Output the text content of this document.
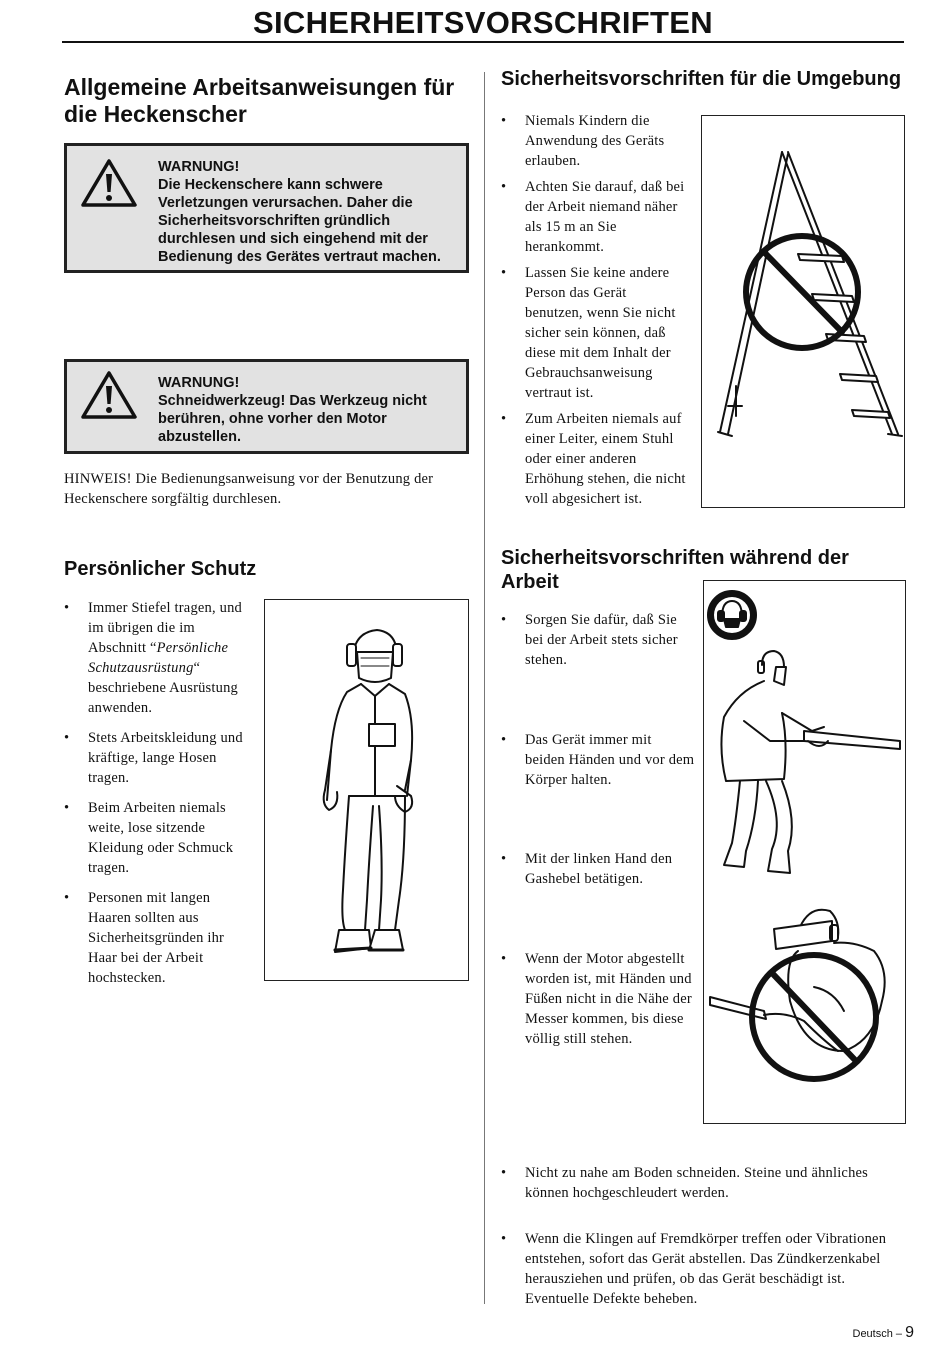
SICHERHEITSVORSCHRIFTEN
Allgemeine Arbeitsanweisungen für die Heckenscher
WARNUNG!
Die Heckenschere kann schwere Verletzungen verursachen. Daher die Sicherheitsvorschriften gründlich durchlesen und sich eingehend mit der Bedienung des Gerätes vertraut machen.
WARNUNG!
Schneidwerkzeug! Das Werkzeug nicht berühren, ohne vorher den Motor abzustellen.
HINWEIS! Die Bedienungsanweisung vor der Benutzung der Heckenschere sorgfältig durchlesen.
Persönlicher Schutz
• Immer Stiefel tragen, und im übrigen die im Abschnitt “Persönliche Schutzausrüstung“ beschriebene Ausrüstung anwenden.
• Stets Arbeitskleidung und kräftige, lange Hosen tragen.
• Beim Arbeiten niemals weite, lose sitzende Kleidung oder Schmuck tragen.
• Personen mit langen Haaren sollten aus Sicherheitsgründen ihr Haar bei der Arbeit hochstecken.
Sicherheitsvorschriften für die Umgebung
• Niemals Kindern die Anwendung des Geräts erlauben.
• Achten Sie darauf, daß bei der Arbeit niemand näher als 15 m an Sie herankommt.
• Lassen Sie keine andere Person das Gerät benutzen, wenn Sie nicht sicher sein können, daß diese mit dem Inhalt der Gebrauchsanweisung vertraut ist.
• Zum Arbeiten niemals auf einer Leiter, einem Stuhl oder einer anderen Erhöhung stehen, die nicht voll abgesichert ist.
Sicherheitsvorschriften während der Arbeit
• Sorgen Sie dafür, daß Sie bei der Arbeit stets sicher stehen.
• Das Gerät immer mit beiden Händen und vor dem Körper halten.
• Mit der linken Hand den Gashebel betätigen.
• Wenn der Motor abgestellt worden ist, mit Händen und Füßen nicht in die Nähe der Messer kommen, bis diese völlig still stehen.
• Nicht zu nahe am Boden schneiden. Steine und ähnliches können hochgeschleudert werden.
• Wenn die Klingen auf Fremdkörper treffen oder Vibrationen entstehen, sofort das Gerät abstellen. Das Zündkerzenkabel herausziehen und prüfen, ob das Gerät beschädigt ist. Eventuelle Defekte beheben.
Deutsch – 9
